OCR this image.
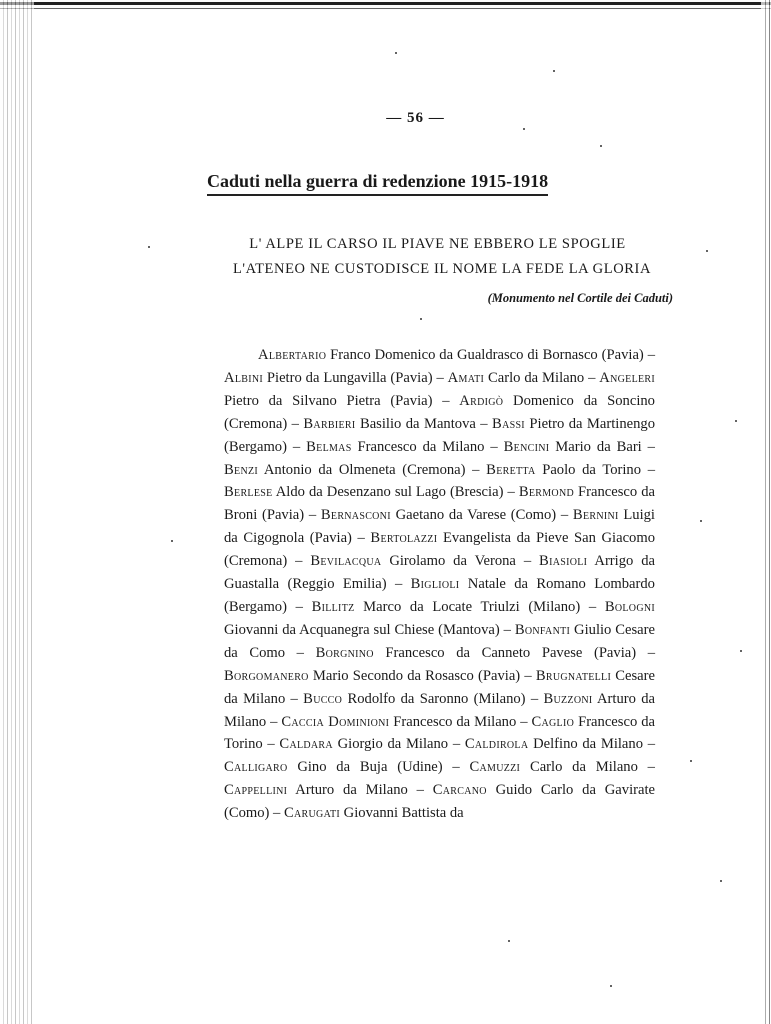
— 56 —
Caduti nella guerra di redenzione 1915-1918
L' ALPE IL CARSO IL PIAVE NE EBBERO LE SPOGLIE
L'ATENEO NE CUSTODISCE IL NOME LA FEDE LA GLORIA
(Monumento nel Cortile dei Caduti)
Albertario Franco Domenico da Gualdrasco di Bornasco (Pavia) – Albini Pietro da Lungavilla (Pavia) – Amati Carlo da Milano – Angeleri Pietro da Silvano Pietra (Pavia) – Ardigò Domenico da Soncino (Cremona) – Barbieri Basilio da Mantova – Bassi Pietro da Martinengo (Bergamo) – Belmas Francesco da Milano – Bencini Mario da Bari – Benzi Antonio da Olmeneta (Cremona) – Beretta Paolo da Torino – Berlese Aldo da Desenzano sul Lago (Brescia) – Bermond Francesco da Broni (Pavia) – Bernasconi Gaetano da Varese (Como) – Bernini Luigi da Cigognola (Pavia) – Bertolazzi Evangelista da Pieve San Giacomo (Cremona) – Bevilacqua Girolamo da Verona – Biasioli Arrigo da Guastalla (Reggio Emilia) – Biglioli Natale da Romano Lombardo (Bergamo) – Billitz Marco da Locate Triulzi (Milano) – Bologni Giovanni da Acquanegra sul Chiese (Mantova) – Bonfanti Giulio Cesare da Como – Borgnino Francesco da Canneto Pavese (Pavia) – Borgomanero Mario Secondo da Rosasco (Pavia) – Brugnatelli Cesare da Milano – Bucco Rodolfo da Saronno (Milano) – Buzzoni Arturo da Milano – Caccia Dominioni Francesco da Milano – Caglio Francesco da Torino – Caldara Giorgio da Milano – Caldirola Delfino da Milano – Calligaro Gino da Buja (Udine) – Camuzzi Carlo da Milano – Cappellini Arturo da Milano – Carcano Guido Carlo da Gavirate (Como) – Carugati Giovanni Battista da
